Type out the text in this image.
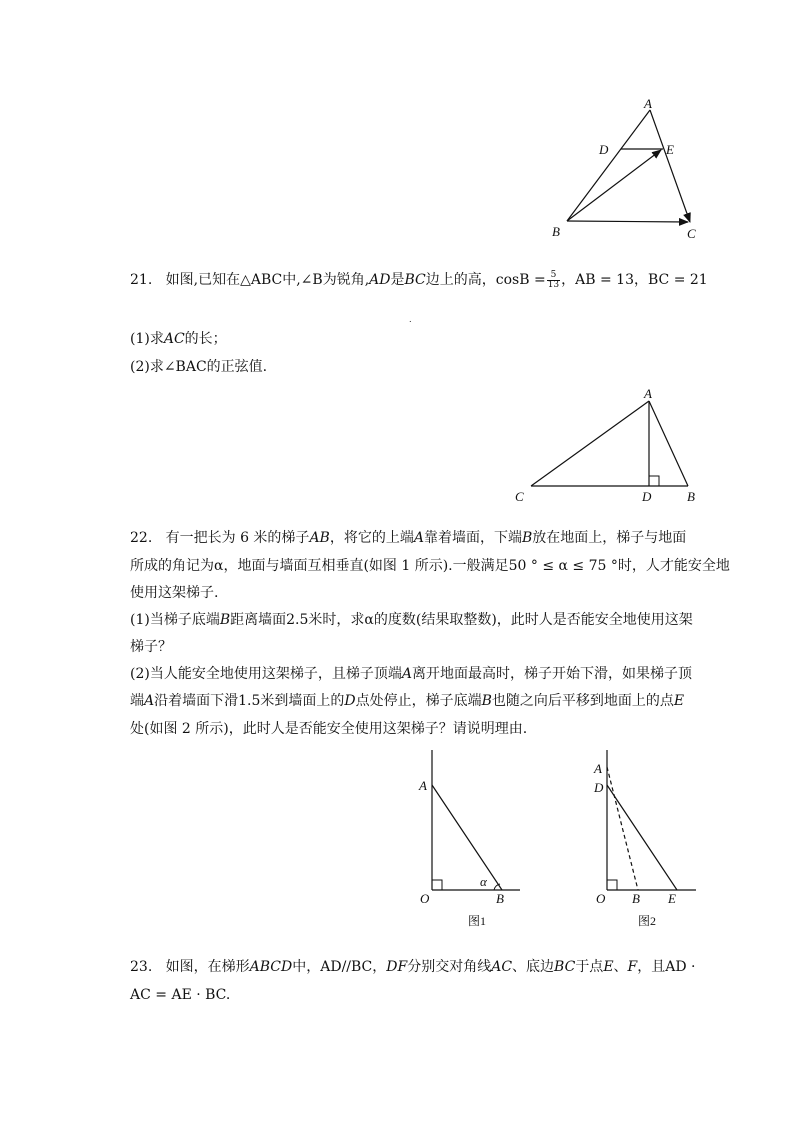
A
D	E
B	C
21. 如图,已知在△ABC中,∠B为锐角,AD是BC边上的高，$\cos B = \frac{5}{13}$ ，AB = 13，BC = 21
.
(1)求AC的长；
(2)求∠BAC的正弦值.
A
C	D	B
22. 有一把长为 6 米的梯子AB，将它的上端A靠着墙面，下端B放在地面上，梯子与地面
所成的角记为α，地面与墙面互相垂直(如图 1 所示).一般满足50 ° ≤ α ≤ 75 °时，人才能安全地
使用这架梯子.
(1)当梯子底端B距离墙面2.5米时，求α的度数(结果取整数)，此时人是否能安全地使用这架
梯子？
(2)当人能安全地使用这架梯子，且梯子顶端A离开地面最高时，梯子开始下滑，如果梯子顶
端A沿着墙面下滑1.5米到墙面上的D点处停止，梯子底端B也随之向后平移到地面上的点E
处(如图 2 所示)，此时人是否能安全使用这架梯子？请说明理由.
A
α
O	B
图1
A
D
O B E
图2
23. 如图，在梯形ABCD中，AD//BC，DF分别交对角线AC、底边BC于点E、F，且AD ·
AC = AE · BC.
